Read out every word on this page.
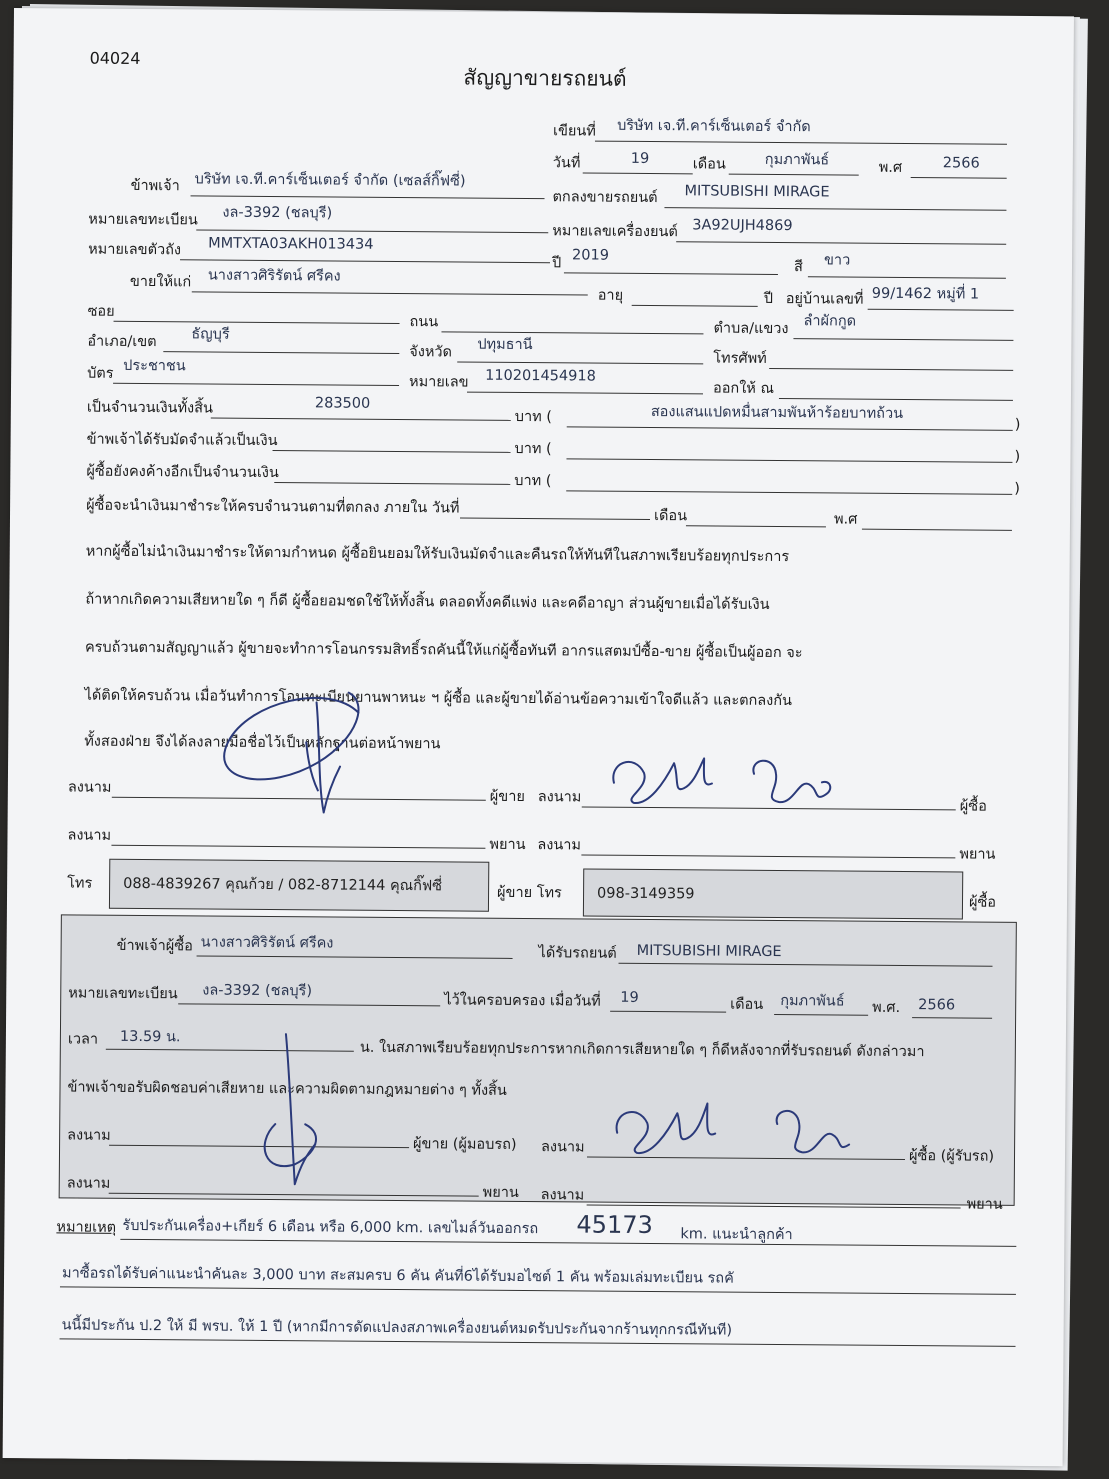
04024
สัญญาขายรถยนต์
เขียนที่ บริษัท เจ.ที.คาร์เซ็นเตอร์ จำกัด
วันที่	19	เดือน	กุมภาพันธ์	พ.ศ	2566
ข้าพเจ้า บริษัท เจ.ที.คาร์เซ็นเตอร์ จำกัด (เซลส์กิ๊ฟซี่)
ตกลงขายรถยนต์ MITSUBISHI MIRAGE
หมายเลขทะเบียน งล-3392 (ชลบุรี)
หมายเลขเครื่องยนต์ 3A92UJH4869
หมายเลขตัวถัง MMTXTA03AKH013434
ปี 2019
สี ขาว
ขายให้แก่ นางสาวศิริรัตน์ ศรีคง
อายุ	ปี อยู่บ้านเลขที่ 99/1462 หมู่ที่ 1
ซอย
ถนน	ตำบล/แขวง ลำผักกูด
อำเภอ/เขต ธัญบุรี
จังหวัด ปทุมธานี
โทรศัพท์
บัตร ประชาชน
หมายเลข 110201454918
ออกให้ ณ
เป็นจำนวนเงินทั้งสิ้น	283500
บาท (	สองแสนแปดหมื่นสามพันห้าร้อยบาทถ้วน
)
ข้าพเจ้าได้รับมัดจำแล้วเป็นเงิน
บาท (	)
ผู้ซื้อยังคงค้างอีกเป็นจำนวนเงิน	บาท (	)
ผู้ซื้อจะนำเงินมาชำระให้ครบจำนวนตามที่ตกลง ภายใน วันที่	เดือน	พ.ศ
หากผู้ซื้อไม่นำเงินมาชำระให้ตามกำหนด ผู้ซื้อยินยอมให้รับเงินมัดจำและคืนรถให้ทันทีในสภาพเรียบร้อยทุกประการ
ถ้าหากเกิดความเสียหายใด ๆ ก็ดี ผู้ซื้อยอมชดใช้ให้ทั้งสิ้น ตลอดทั้งคดีแพ่ง และคดีอาญา ส่วนผู้ขายเมื่อได้รับเงิน
ครบถ้วนตามสัญญาแล้ว ผู้ขายจะทำการโอนกรรมสิทธิ์รถคันนี้ให้แก่ผู้ซื้อทันที อากรแสตมป์ซื้อ-ขาย ผู้ซื้อเป็นผู้ออก จะ
ได้ติดให้ครบถ้วน เมื่อวันทำการโอนทะเบียนยานพาหนะ ฯ ผู้ซื้อ และผู้ขายได้อ่านข้อความเข้าใจดีแล้ว และตกลงกัน
ทั้งสองฝ่าย จึงได้ลงลายมือชื่อไว้เป็นหลักฐานต่อหน้าพยาน
ลงนาม
ผู้ขาย ลงนาม
ผู้ซื้อ
ลงนาม
พยาน ลงนาม
พยาน
โทร 088-4839267 คุณก้วย / 082-8712144 คุณกิ๊ฟซี่	ผู้ขาย โทร 098-3149359
ผู้ซื้อ
ข้าพเจ้าผู้ซื้อ นางสาวศิริรัตน์ ศรีคง
ได้รับรถยนต์ MITSUBISHI MIRAGE
หมายเลขทะเบียน งล-3392 (ชลบุรี)
ไว้ในครอบครอง เมื่อวันที่ 19	เดือน กุมภาพันธ์ พ.ศ. 2566
เวลา 13.59 น.
น. ในสภาพเรียบร้อยทุกประการหากเกิดการเสียหายใด ๆ ก็ดีหลังจากที่รับรถยนต์ ดังกล่าวมา
ข้าพเจ้าขอรับผิดชอบค่าเสียหาย และความผิดตามกฎหมายต่าง ๆ ทั้งสิ้น
ลงนาม
ผู้ขาย (ผู้มอบรถ) ลงนาม
ผู้ซื้อ (ผู้รับรถ)
ลงนาม
พยาน ลงนาม
พยาน
หมายเหตุ รับประกันเครื่อง+เกียร์ 6 เดือน หรือ 6,000 km. เลขไมล์วันออกรถ 45173 km. แนะนำลูกค้า
มาซื้อรถได้รับค่าแนะนำคันละ 3,000 บาท สะสมครบ 6 คัน คันที่6ได้รับมอไซต์ 1 คัน พร้อมเล่มทะเบียน รถคั
นนี้มีประกัน ป.2 ให้ มี พรบ. ให้ 1 ปี (หากมีการดัดแปลงสภาพเครื่องยนต์หมดรับประกันจากร้านทุกกรณีทันที)
